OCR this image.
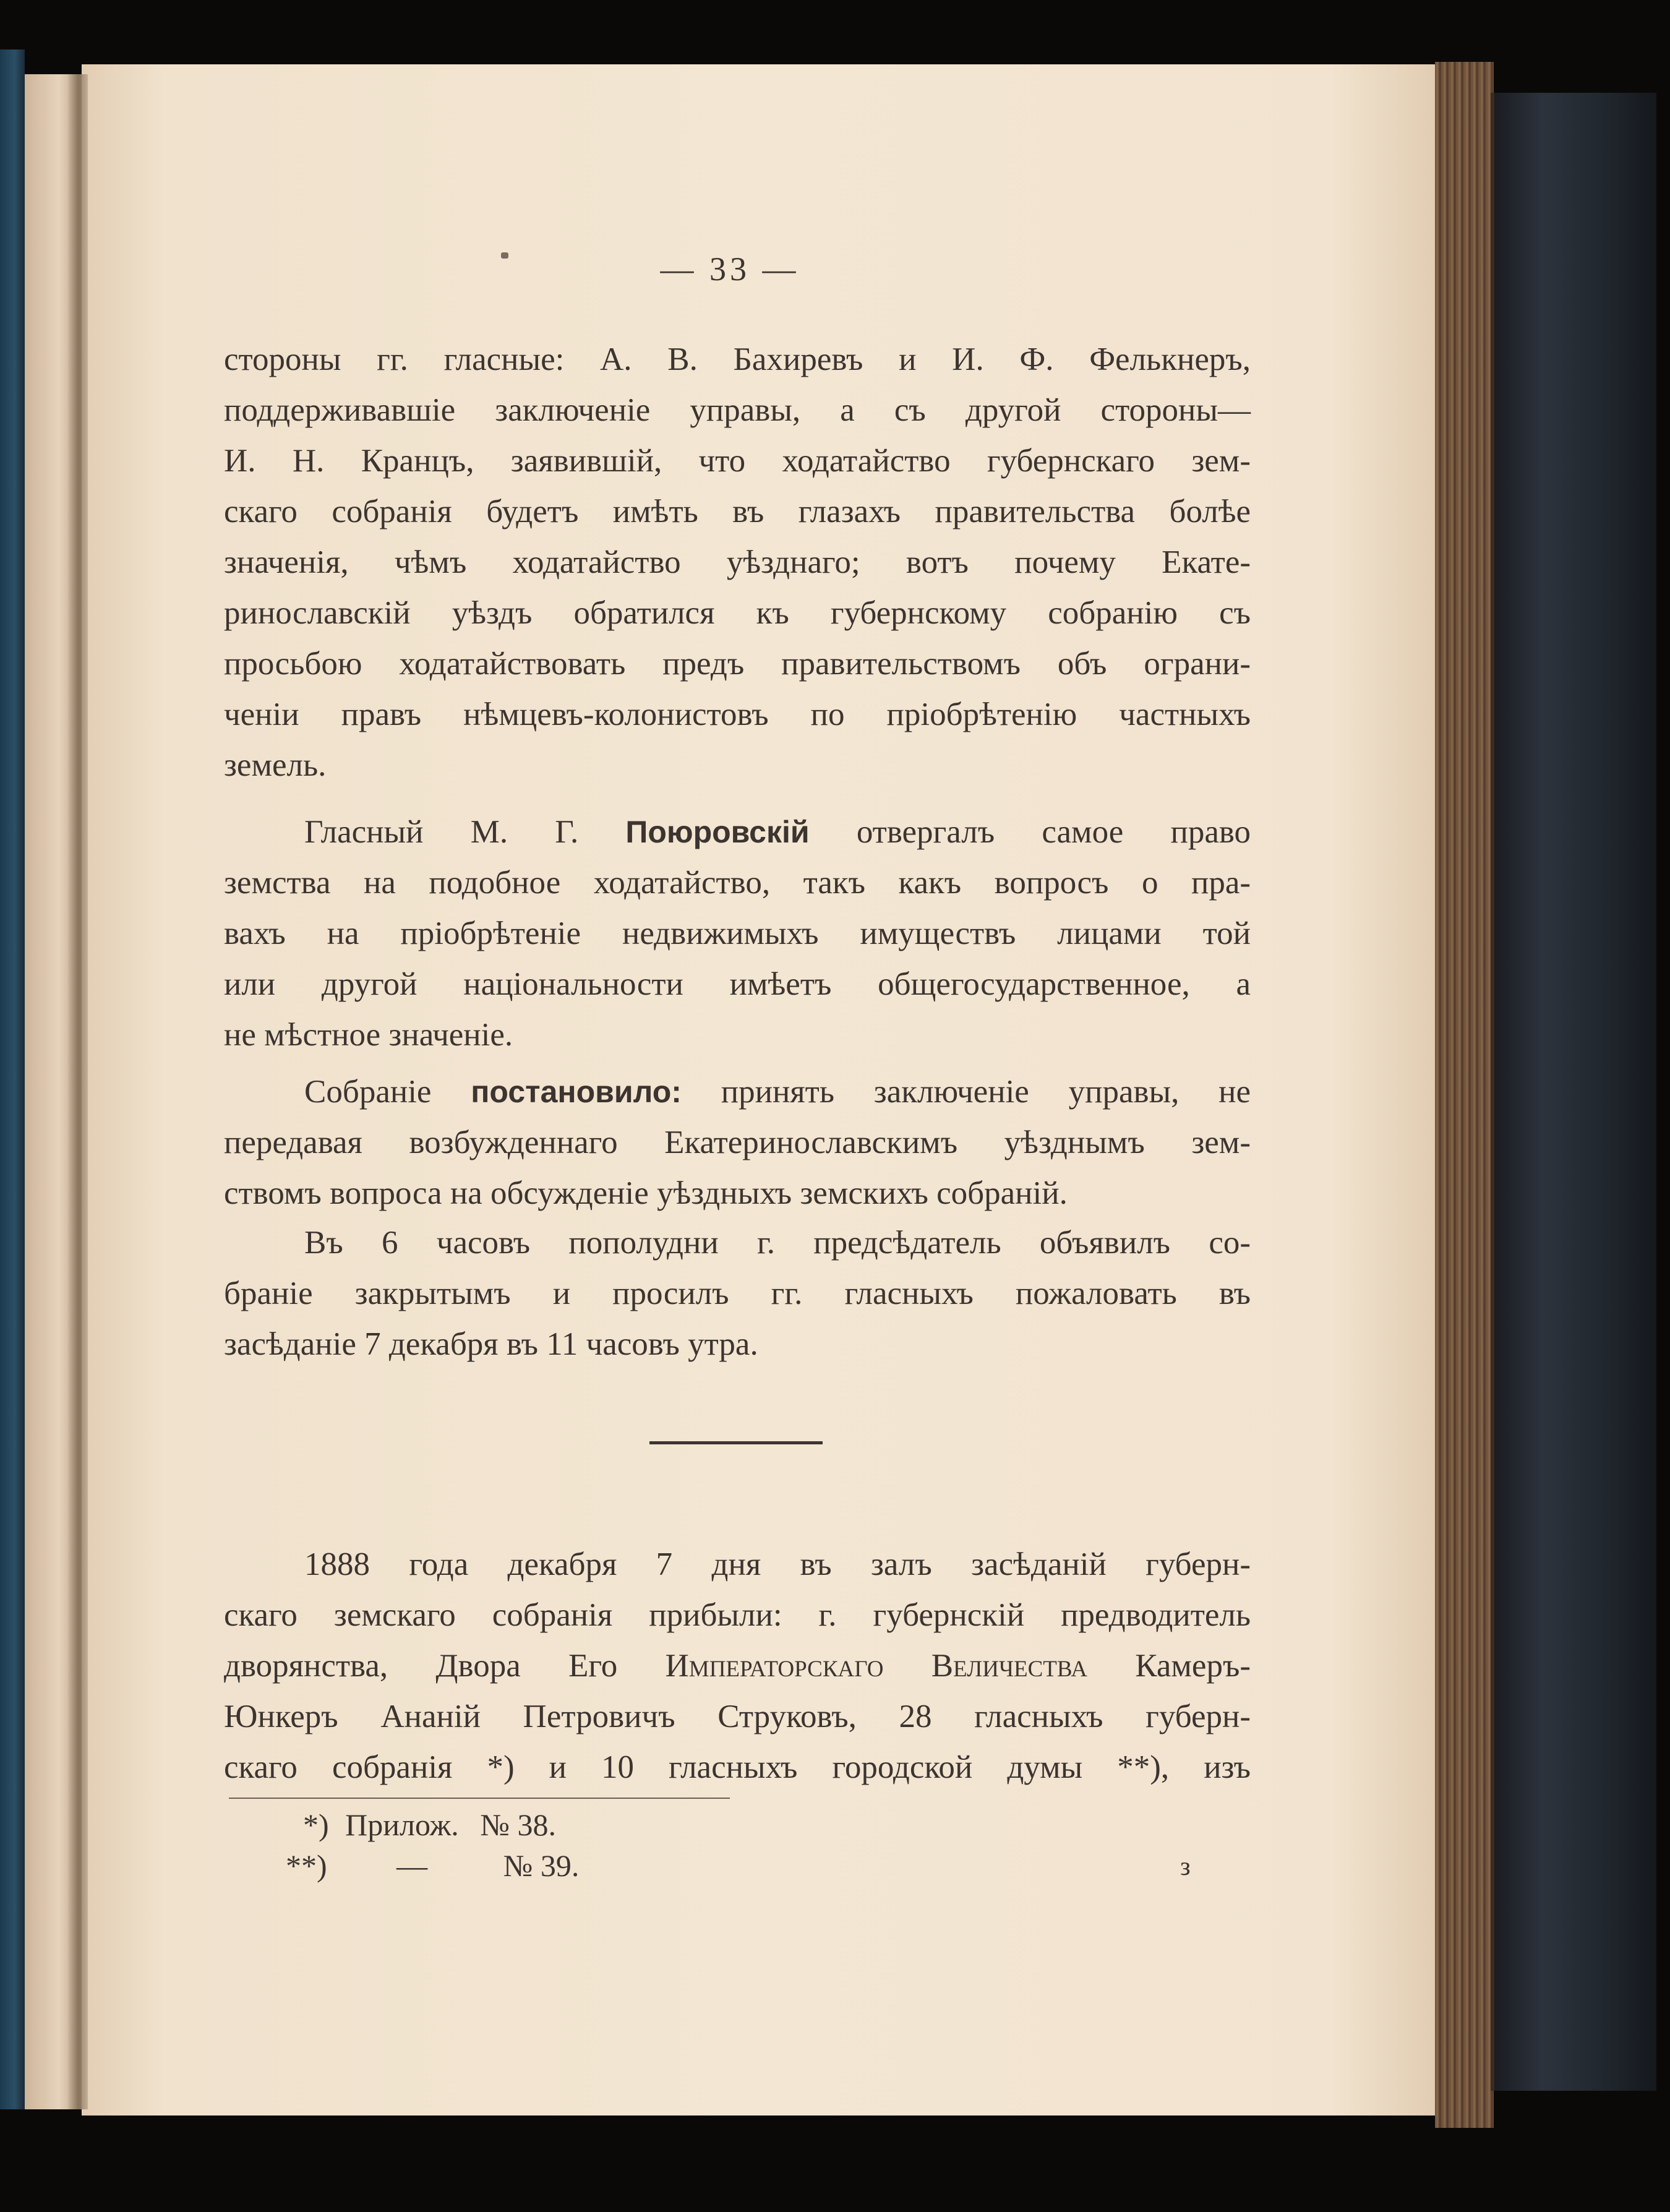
— 33 —
стороны гг. гласные: А. В. Бахиревъ и И. Ф. Фелькнеръ,
поддерживавшіе заключеніе управы, а съ другой стороны—
И. Н. Кранцъ, заявившій, что ходатайство губернскаго зем-
скаго собранія будетъ имѣть въ глазахъ правительства болѣе
значенія, чѣмъ ходатайство уѣзднаго; вотъ почему Екате-
ринославскій уѣздъ обратился къ губернскому собранію съ
просьбою ходатайствовать предъ правительствомъ объ ограни-
ченіи правъ нѣмцевъ-колонистовъ по пріобрѣтенію частныхъ
земель.
Гласный М. Г. Поюровскій отвергалъ самое право
земства на подобное ходатайство, такъ какъ вопросъ о пра-
вахъ на пріобрѣтеніе недвижимыхъ имуществъ лицами той
или другой національности имѣетъ общегосударственное, а
не мѣстное значеніе.
Собраніе постановило: принять заключеніе управы, не
передавая возбужденнаго Екатеринославскимъ уѣзднымъ зем-
ствомъ вопроса на обсужденіе уѣздныхъ земскихъ собраній.
Въ 6 часовъ пополудни г. предсѣдатель объявилъ со-
браніе закрытымъ и просилъ гг. гласныхъ пожаловать въ
засѣданіе 7 декабря въ 11 часовъ утра.
1888 года декабря 7 дня въ залъ засѣданій губерн-
скаго земскаго собранія прибыли: г. губернскій предводитель
дворянства, Двора Его Императорскаго Величества Камеръ-
Юнкеръ Ананій Петровичъ Струковъ, 28 гласныхъ губерн-
скаго собранія *) и 10 гласныхъ городской думы **), изъ
*) Прилож. № 38.
**) — № 39.	з
